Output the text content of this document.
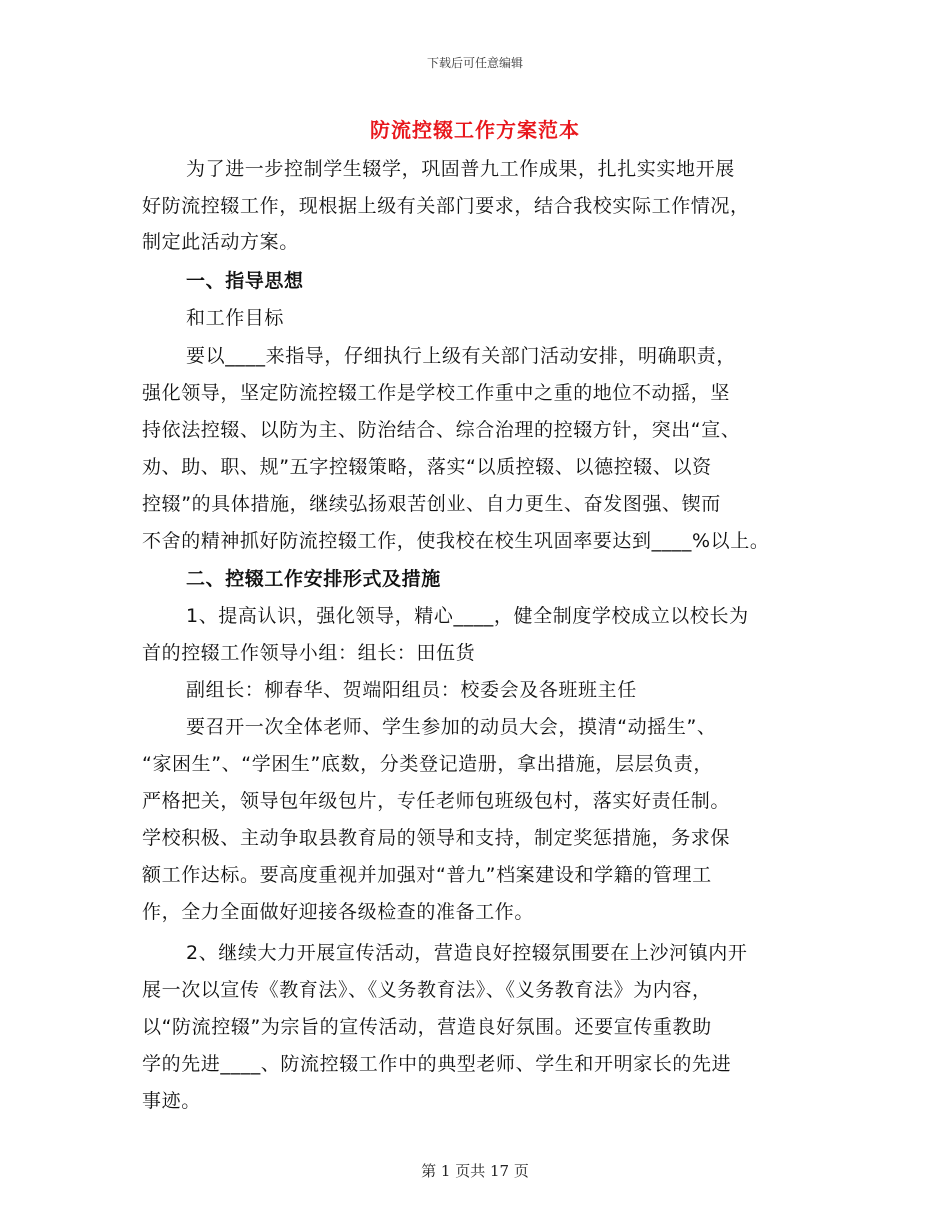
下载后可任意编辑
防流控辍工作方案范本
为了进一步控制学生辍学，巩固普九工作成果，扎扎实实地开展
好防流控辍工作，现根据上级有关部门要求，结合我校实际工作情况，
制定此活动方案。
一、指导思想
和工作目标
要以____来指导，仔细执行上级有关部门活动安排，明确职责，
强化领导，坚定防流控辍工作是学校工作重中之重的地位不动摇，坚
持依法控辍、以防为主、防治结合、综合治理的控辍方针，突出“宣、
劝、助、职、规”五字控辍策略，落实“以质控辍、以德控辍、以资
控辍”的具体措施，继续弘扬艰苦创业、自力更生、奋发图强、锲而
不舍的精神抓好防流控辍工作，使我校在校生巩固率要达到____%以上。
二、控辍工作安排形式及措施
1、提高认识，强化领导，精心____，健全制度学校成立以校长为
首的控辍工作领导小组：组长：田伍货
副组长：柳春华、贺端阳组员：校委会及各班班主任
要召开一次全体老师、学生参加的动员大会，摸清“动摇生”、
“家困生”、“学困生”底数，分类登记造册，拿出措施，层层负责，
严格把关，领导包年级包片，专任老师包班级包村，落实好责任制。
学校积极、主动争取县教育局的领导和支持，制定奖惩措施，务求保
额工作达标。要高度重视并加强对“普九”档案建设和学籍的管理工
作，全力全面做好迎接各级检查的准备工作。
2、继续大力开展宣传活动，营造良好控辍氛围要在上沙河镇内开
展一次以宣传《教育法》、《义务教育法》、《义务教育法》为内容，
以“防流控辍”为宗旨的宣传活动，营造良好氛围。还要宣传重教助
学的先进____、防流控辍工作中的典型老师、学生和开明家长的先进
事迹。
第 1 页共 17 页
